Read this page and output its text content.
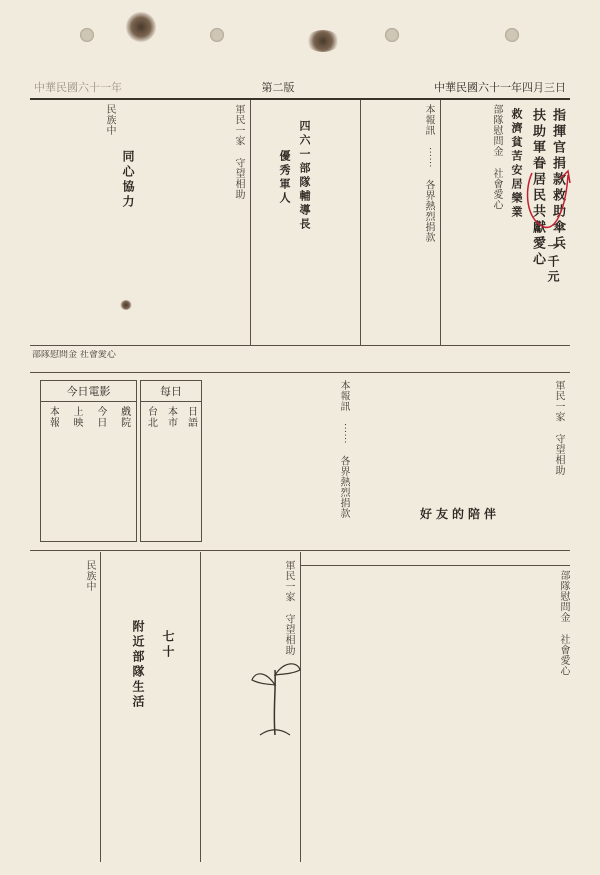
中華民國六十一年	第二版	中華民國六十一年四月三日
指揮官捐款救助傘兵
扶助軍眷居民共獻愛心
救濟貧苦安居樂業
一千元
部隊慰問金 社會愛心
本報訊 ⋯⋯ 各界熱烈捐款
四六一部隊輔導長
優秀軍人
軍民一家 守望相助
同心協力
民族中
部隊慰問金 社會愛心
今日電影
戲院
今日
上映
本報
每日
日語
本市
台北	本報訊 ⋯⋯ 各界熱烈捐款	軍民一家 守望相助
好友的陪伴
部隊慰問金 社會愛心
附近部隊生活 七十
民族中	軍民一家 守望相助
